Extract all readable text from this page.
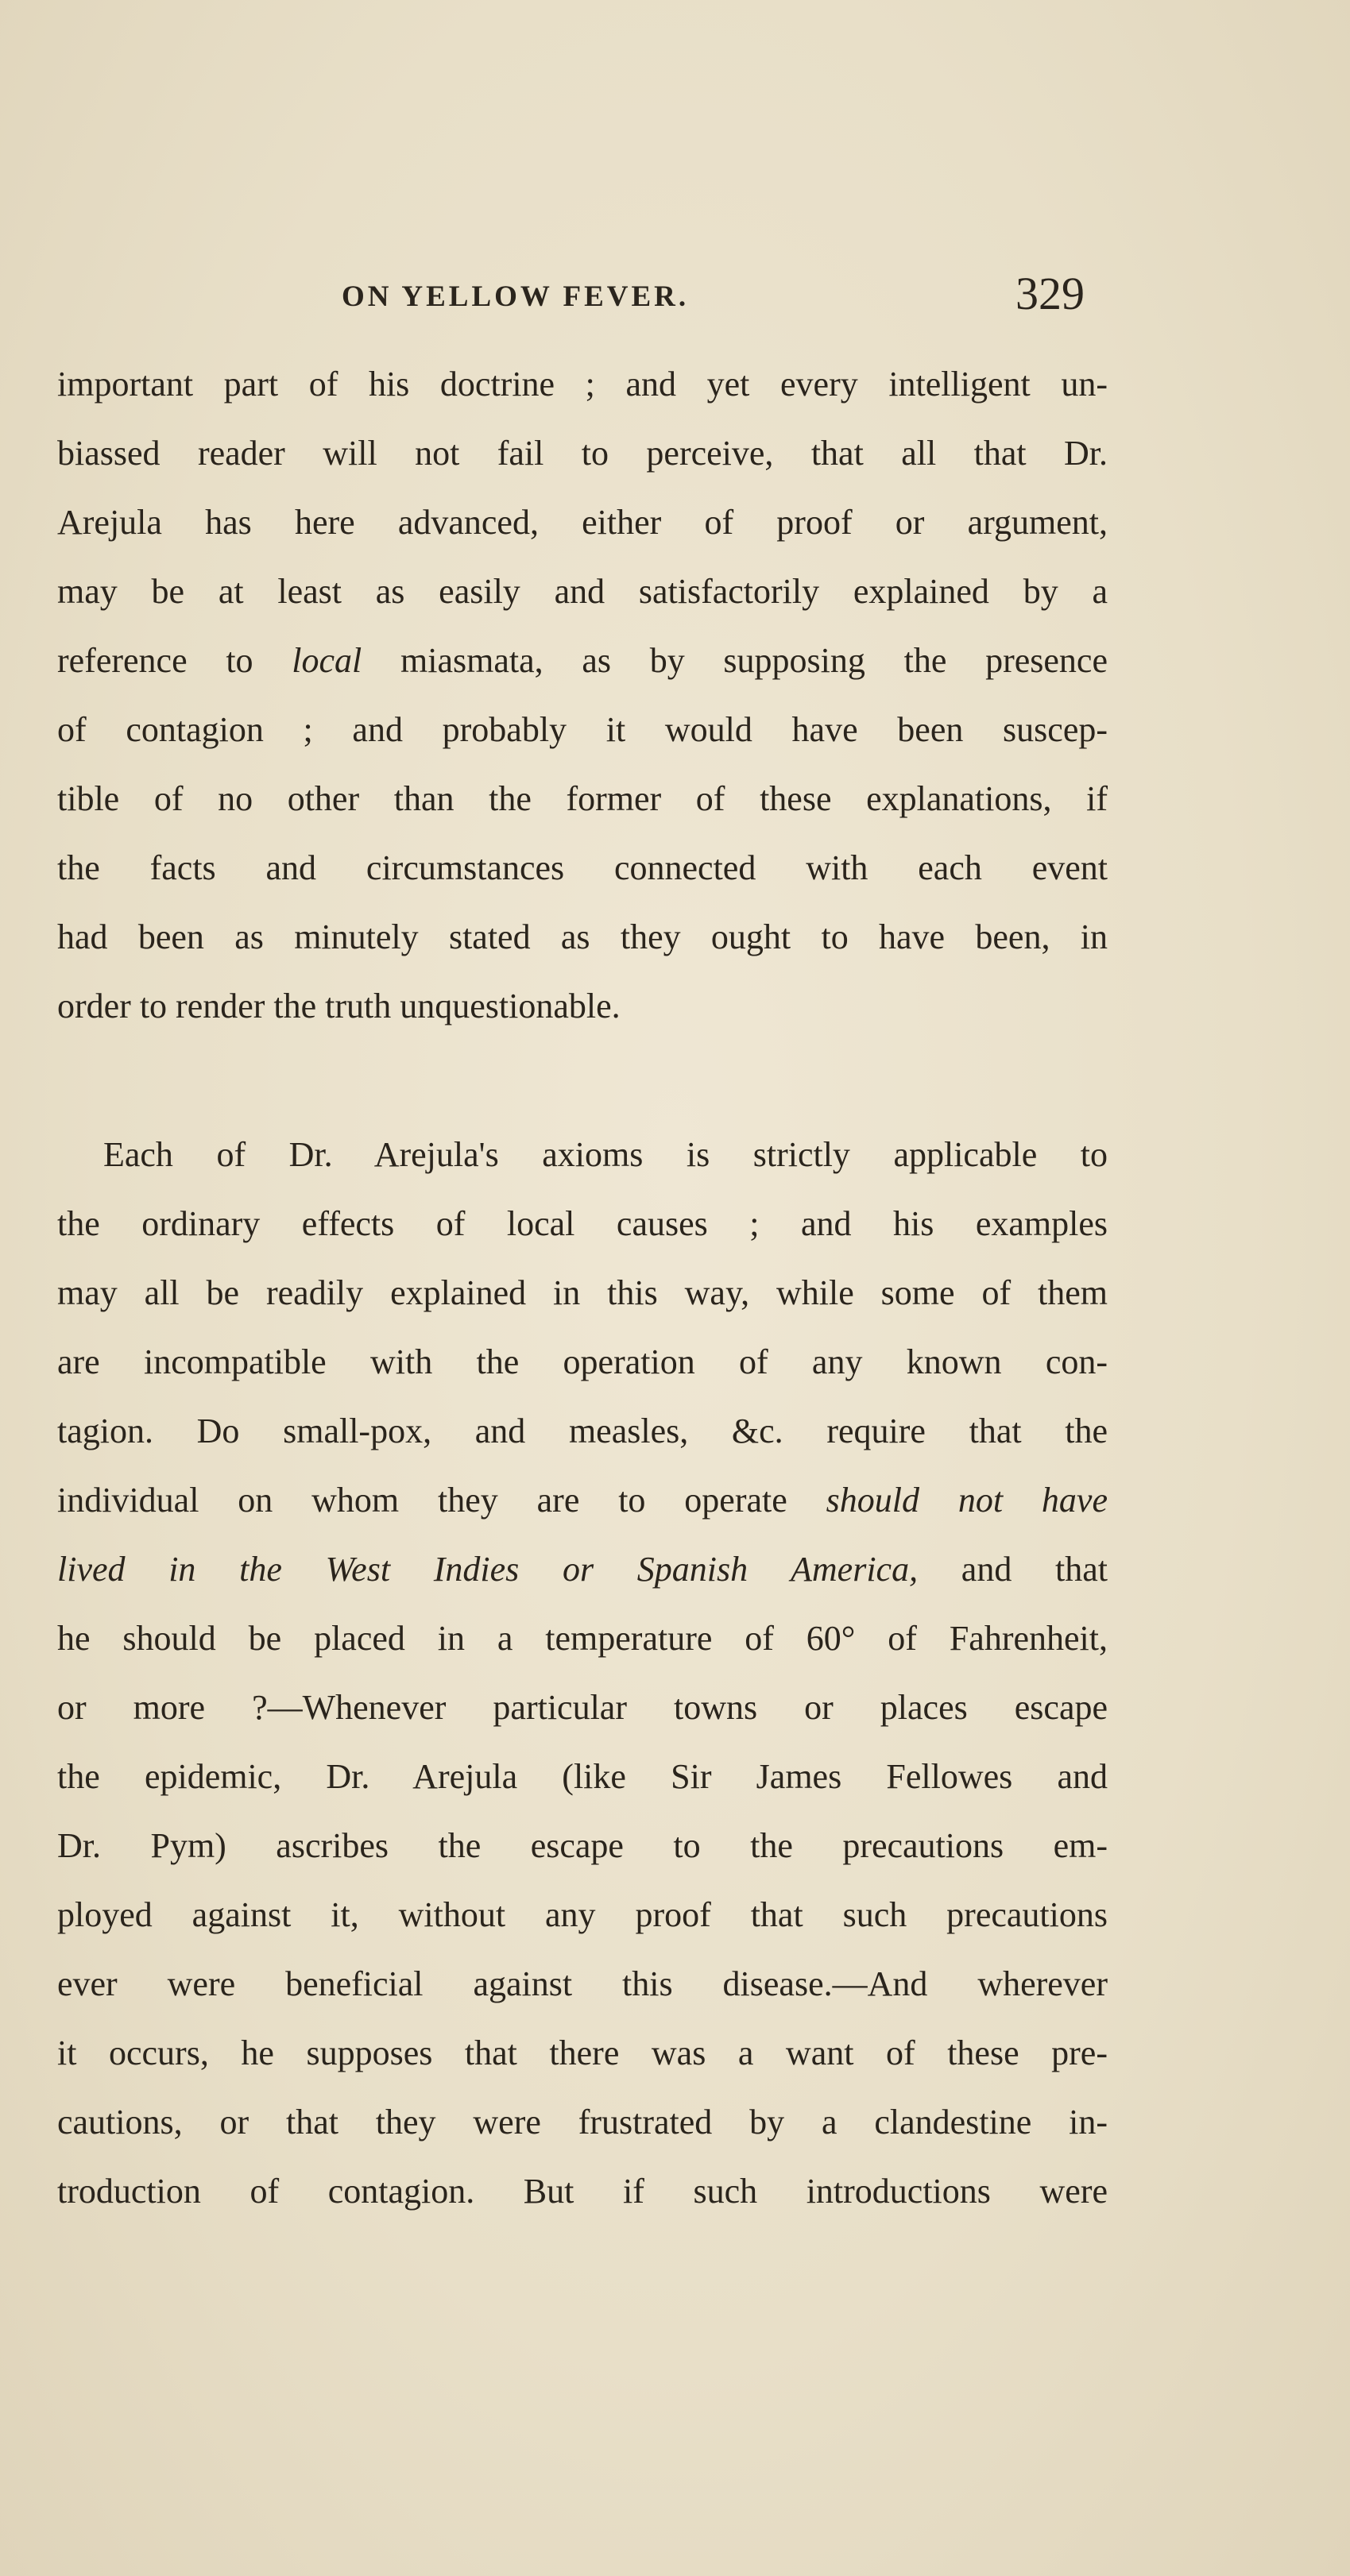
ON YELLOW FEVER.	329
important part of his doctrine ; and yet every intelligent un-
biassed reader will not fail to perceive, that all that Dr.
Arejula has here advanced, either of proof or argument,
may be at least as easily and satisfactorily explained by a
reference to local miasmata, as by supposing the presence
of contagion ; and probably it would have been suscep-
tible of no other than the former of these explanations, if
the facts and circumstances connected with each event
had been as minutely stated as they ought to have been, in
order to render the truth unquestionable.
Each of Dr. Arejula's axioms is strictly applicable to
the ordinary effects of local causes ; and his examples
may all be readily explained in this way, while some of them
are incompatible with the operation of any known con-
tagion. Do small-pox, and measles, &c. require that the
individual on whom they are to operate should not have
lived in the West Indies or Spanish America, and that
he should be placed in a temperature of 60° of Fahrenheit,
or more ?—Whenever particular towns or places escape
the epidemic, Dr. Arejula (like Sir James Fellowes and
Dr. Pym) ascribes the escape to the precautions em-
ployed against it, without any proof that such precautions
ever were beneficial against this disease.—And wherever
it occurs, he supposes that there was a want of these pre-
cautions, or that they were frustrated by a clandestine in-
troduction of contagion. But if such introductions were
